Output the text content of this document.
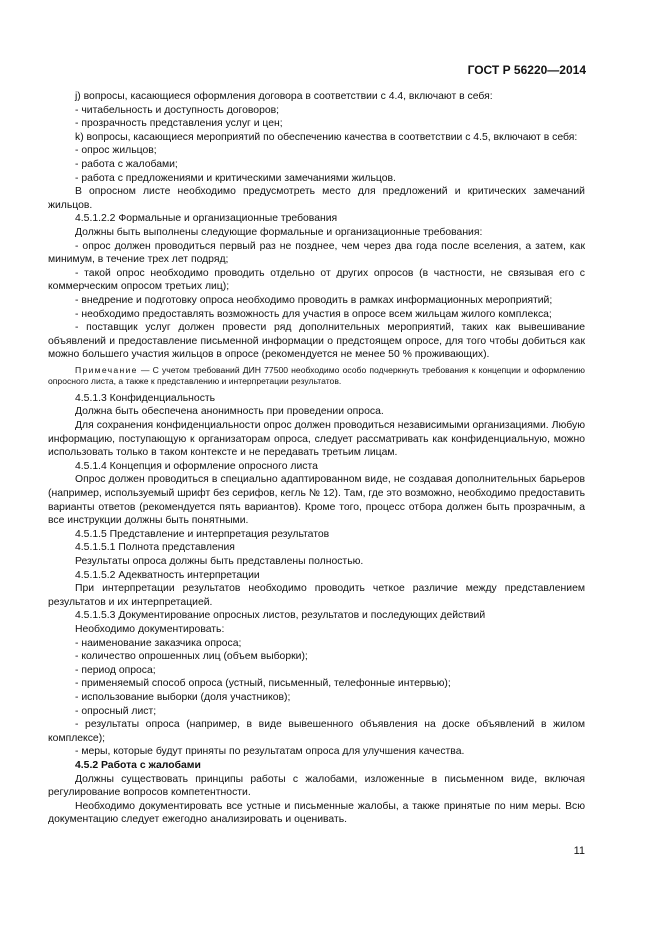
ГОСТ Р 56220—2014

j) вопросы, касающиеся оформления договора в соответствии с 4.4, включают в себя:

- читабельность и доступность договоров;

- прозрачность представления услуг и цен;

k) вопросы, касающиеся мероприятий по обеспечению качества в соответствии с 4.5, включают в себя:

- опрос жильцов;

- работа с жалобами;

- работа с предложениями и критическими замечаниями жильцов.

В опросном листе необходимо предусмотреть место для предложений и критических замечаний жильцов.

4.5.1.2.2 Формальные и организационные требования

Должны быть выполнены следующие формальные и организационные требования:

- опрос должен проводиться первый раз не позднее, чем через два года после вселения, а затем, как минимум, в течение трех лет подряд;

- такой опрос необходимо проводить отдельно от других опросов (в частности, не связывая его с коммерческим опросом третьих лиц);

- внедрение и подготовку опроса необходимо проводить в рамках информационных мероприятий;

- необходимо предоставлять возможность для участия в опросе всем жильцам жилого комплекса;

- поставщик услуг должен провести ряд дополнительных мероприятий, таких как вывешивание объявлений и предоставление письменной информации о предстоящем опросе, для того чтобы добиться как можно большего участия жильцов в опросе (рекомендуется не менее 50 % проживающих).

Примечание — С учетом требований ДИН 77500 необходимо особо подчеркнуть требования к концепции и оформлению опросного листа, а также к представлению и интерпретации результатов.

4.5.1.3 Конфиденциальность

Должна быть обеспечена анонимность при проведении опроса.

Для сохранения конфиденциальности опрос должен проводиться независимыми организациями. Любую информацию, поступающую к организаторам опроса, следует рассматривать как конфиденциальную, можно использовать только в таком контексте и не передавать третьим лицам.

4.5.1.4 Концепция и оформление опросного листа

Опрос должен проводиться в специально адаптированном виде, не создавая дополнительных барьеров (например, используемый шрифт без серифов, кегль № 12). Там, где это возможно, необходимо предоставить варианты ответов (рекомендуется пять вариантов). Кроме того, процесс отбора должен быть прозрачным, а все инструкции должны быть понятными.

4.5.1.5 Представление и интерпретация результатов

4.5.1.5.1 Полнота представления

Результаты опроса должны быть представлены полностью.

4.5.1.5.2 Адекватность интерпретации

При интерпретации результатов необходимо проводить четкое различие между представлением результатов и их интерпретацией.

4.5.1.5.3 Документирование опросных листов, результатов и последующих действий

Необходимо документировать:

- наименование заказчика опроса;

- количество опрошенных лиц (объем выборки);

- период опроса;

- применяемый способ опроса (устный, письменный, телефонные интервью);

- использование выборки (доля участников);

- опросный лист;

- результаты опроса (например, в виде вывешенного объявления на доске объявлений в жилом комплексе);

- меры, которые будут приняты по результатам опроса для улучшения качества.

4.5.2 Работа с жалобами

Должны существовать принципы работы с жалобами, изложенные в письменном виде, включая регулирование вопросов компетентности.

Необходимо документировать все устные и письменные жалобы, а также принятые по ним меры. Всю документацию следует ежегодно анализировать и оценивать.

11
